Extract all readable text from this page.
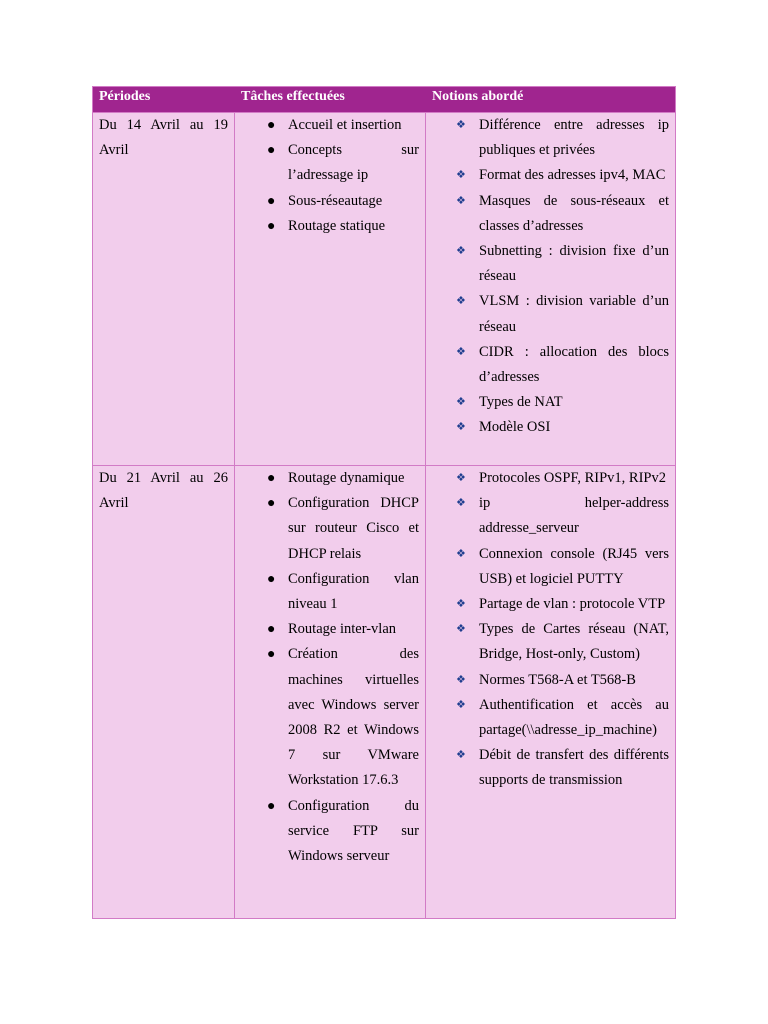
Périodes	Tâches effectuées	Notions abordé
Du 14 Avril au 19 Avril
● Accueil et insertion
● Concepts sur l’adressage ip
● Sous-réseautage
● Routage statique
❖ Différence entre adresses ip publiques et privées
❖ Format des adresses ipv4, MAC
❖ Masques de sous-réseaux et classes d’adresses
❖ Subnetting : division fixe d’un réseau
❖ VLSM : division variable d’un réseau
❖ CIDR : allocation des blocs d’adresses
❖ Types de NAT
❖ Modèle OSI
Du 21 Avril au 26 Avril
● Routage dynamique
● Configuration DHCP sur routeur Cisco et DHCP relais
● Configuration vlan niveau 1
● Routage inter-vlan
● Création des machines virtuelles avec Windows server 2008 R2 et Windows 7 sur VMware Workstation 17.6.3
● Configuration du service FTP sur Windows serveur
❖ Protocoles OSPF, RIPv1, RIPv2
❖ ip helper-address addresse_serveur
❖ Connexion console (RJ45 vers USB) et logiciel PUTTY
❖ Partage de vlan : protocole VTP
❖ Types de Cartes réseau (NAT, Bridge, Host-only, Custom)
❖ Normes T568-A et T568-B
❖ Authentification et accès au partage(\\adresse_ip_machine)
❖ Débit de transfert des différents supports de transmission
